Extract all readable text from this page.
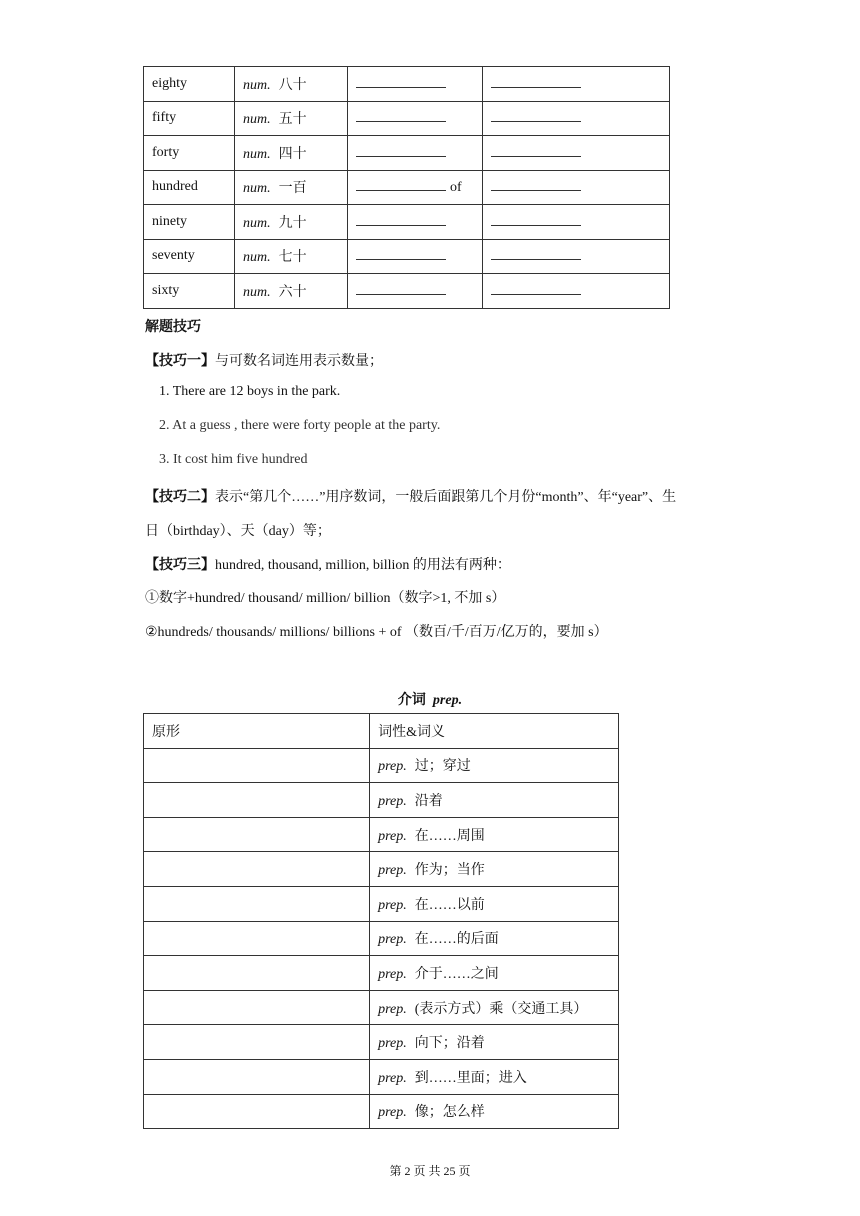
eighty	num. 八十		
fifty	num. 五十		
forty	num. 四十		
hundred	num. 一百	of	
ninety	num. 九十		
seventy	num. 七十		
sixty	num. 六十		
解题技巧
【技巧一】与可数名词连用表示数量；
1. There are 12 boys in the park.
2. At a guess , there were forty people at the party.
3. It cost him five hundred
【技巧二】表示“第几个……”用序数词，一般后面跟第几个月份“month”、年“year”、生
日（birthday）、天（day）等；
【技巧三】hundred, thousand, million, billion 的用法有两种：
①数字+hundred/ thousand/ million/ billion（数字>1, 不加 s）
②hundreds/ thousands/ millions/ billions + of （数百/千/百万/亿万的，要加 s）
介词 prep.
原形	词性&词义
	prep. 过；穿过
	prep. 沿着
	prep. 在……周围
	prep. 作为；当作
	prep. 在……以前
	prep. 在……的后面
	prep. 介于……之间
	prep. (表示方式）乘（交通工具）
	prep. 向下；沿着
	prep. 到……里面；进入
	prep. 像；怎么样
第 2 页 共 25 页
